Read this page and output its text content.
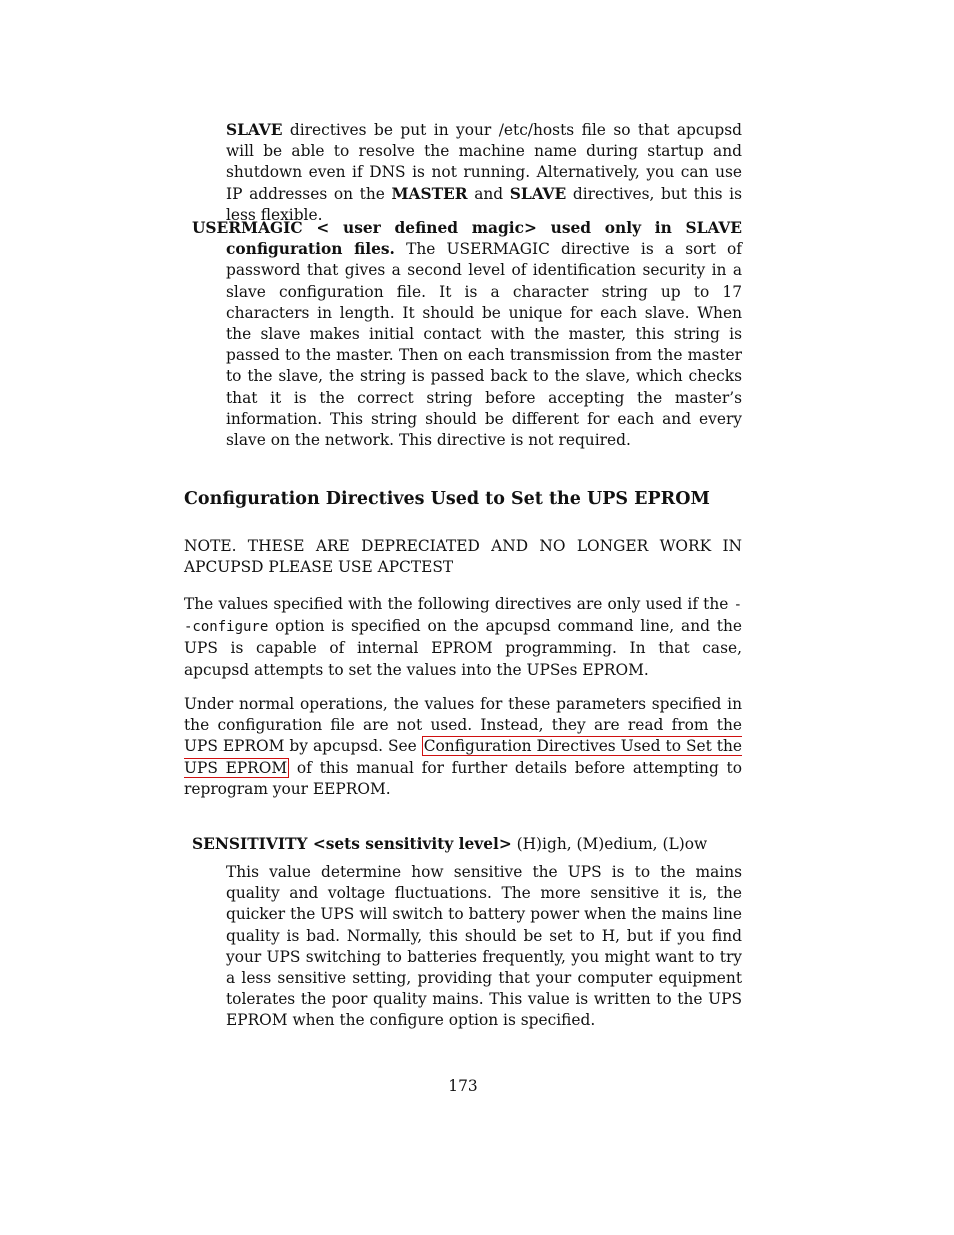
SLAVE directives be put in your /etc/hosts file so that apcupsd will be able to resolve the machine name during startup and shutdown even if DNS is not running. Alternatively, you can use IP addresses on the MASTER and SLAVE directives, but this is less flexible.

USERMAGIC < user defined magic> used only in SLAVE configuration files. The USERMAGIC directive is a sort of password that gives a second level of identification security in a slave configuration file. It is a character string up to 17 characters in length. It should be unique for each slave. When the slave makes initial contact with the master, this string is passed to the master. Then on each transmission from the master to the slave, the string is passed back to the slave, which checks that it is the correct string before accepting the master’s information. This string should be different for each and every slave on the network. This directive is not required.

Configuration Directives Used to Set the UPS EPROM

NOTE. THESE ARE DEPRECIATED AND NO LONGER WORK IN APCUPSD PLEASE USE APCTEST

The values specified with the following directives are only used if the --configure option is specified on the apcupsd command line, and the UPS is capable of internal EPROM programming. In that case, apcupsd attempts to set the values into the UPSes EPROM.

Under normal operations, the values for these parameters specified in the configuration file are not used. Instead, they are read from the UPS EPROM by apcupsd. See Configuration Directives Used to Set the UPS EPROM of this manual for further details before attempting to reprogram your EEPROM.

SENSITIVITY <sets sensitivity level> (H)igh, (M)edium, (L)ow

This value determine how sensitive the UPS is to the mains quality and voltage fluctuations. The more sensitive it is, the quicker the UPS will switch to battery power when the mains line quality is bad. Normally, this should be set to H, but if you find your UPS switching to batteries frequently, you might want to try a less sensitive setting, providing that your computer equipment tolerates the poor quality mains. This value is written to the UPS EPROM when the configure option is specified.

173
